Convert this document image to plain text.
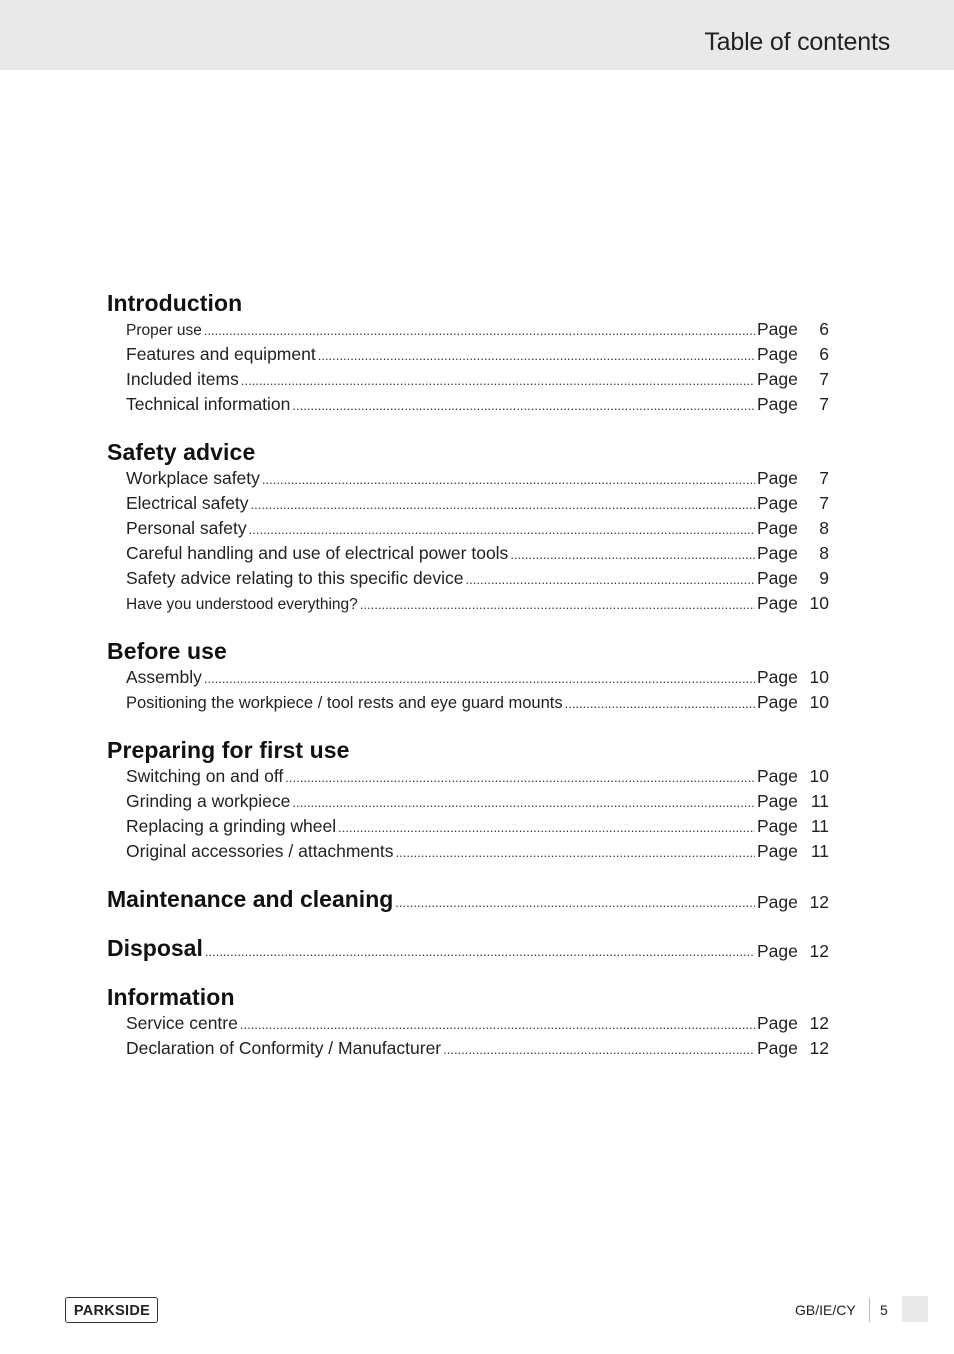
Table of contents
Introduction
Proper use .....	Page	6
Features and equipment .....	Page	6
Included items .....	Page	7
Technical information .....	Page	7
Safety advice
Workplace safety .....	Page	7
Electrical safety .....	Page	7
Personal safety .....	Page	8
Careful handling and use of electrical power tools .....	Page	8
Safety advice relating to this specific device .....	Page	9
Have you understood everything? .....	Page 10
Before use
Assembly .....	Page 10
Positioning the workpiece / tool rests and eye guard mounts .....	Page 10
Preparing for first use
Switching on and off .....	Page 10
Grinding a workpiece .....	Page 11
Replacing a grinding wheel .....	Page 11
Original accessories / attachments .....	Page 11
Maintenance and cleaning .....	Page 12
Disposal .....	Page 12
Information
Service centre .....	Page 12
Declaration of Conformity / Manufacturer .....	Page 12
PARKSIDE	GB/IE/CY 5
